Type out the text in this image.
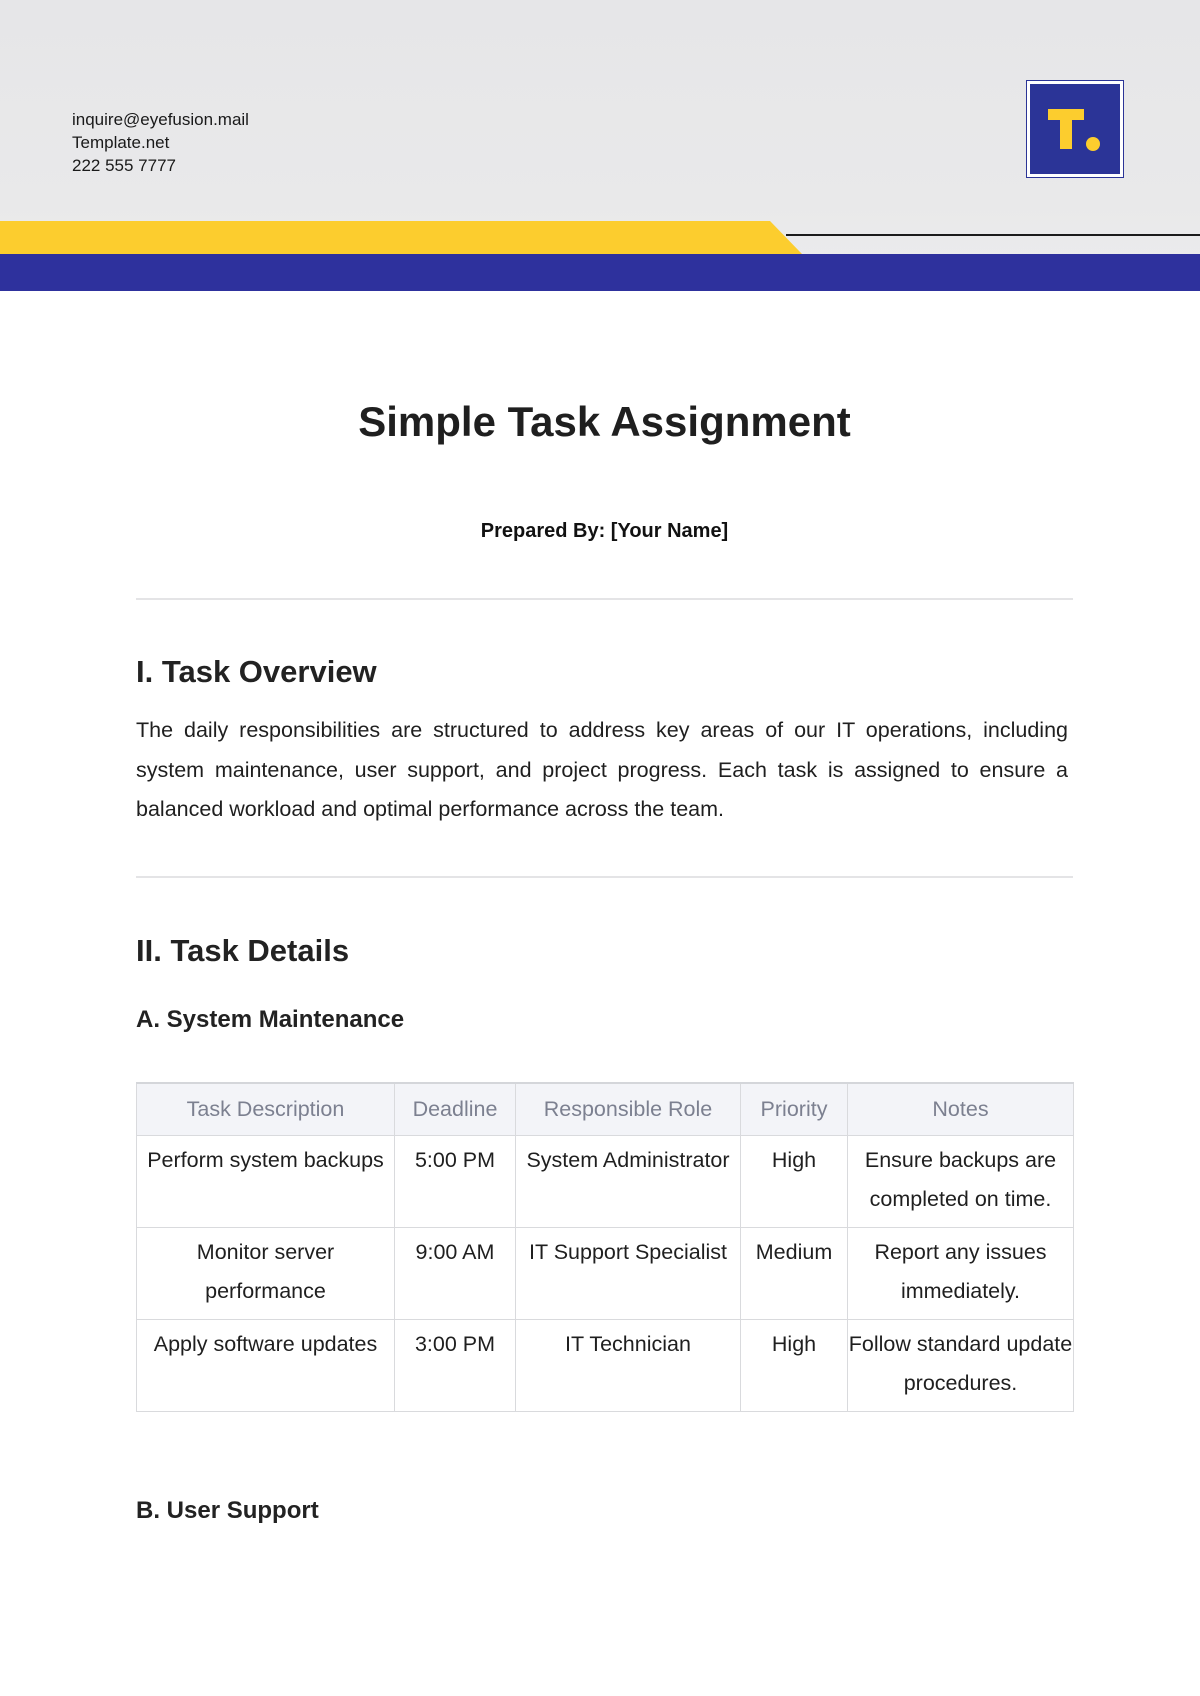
inquire@eyefusion.mail
Template.net
222 555 7777
Simple Task Assignment
Prepared By: [Your Name]
I. Task Overview
The daily responsibilities are structured to address key areas of our IT operations, including system maintenance, user support, and project progress. Each task is assigned to ensure a balanced workload and optimal performance across the team.
II. Task Details
A. System Maintenance
Task Description	Deadline	Responsible Role	Priority	Notes
Perform system backups	5:00 PM	System Administrator	High	Ensure backups are completed on time.
Monitor server performance	9:00 AM	IT Support Specialist	Medium	Report any issues immediately.
Apply software updates	3:00 PM	IT Technician	High	Follow standard update procedures.
B. User Support
